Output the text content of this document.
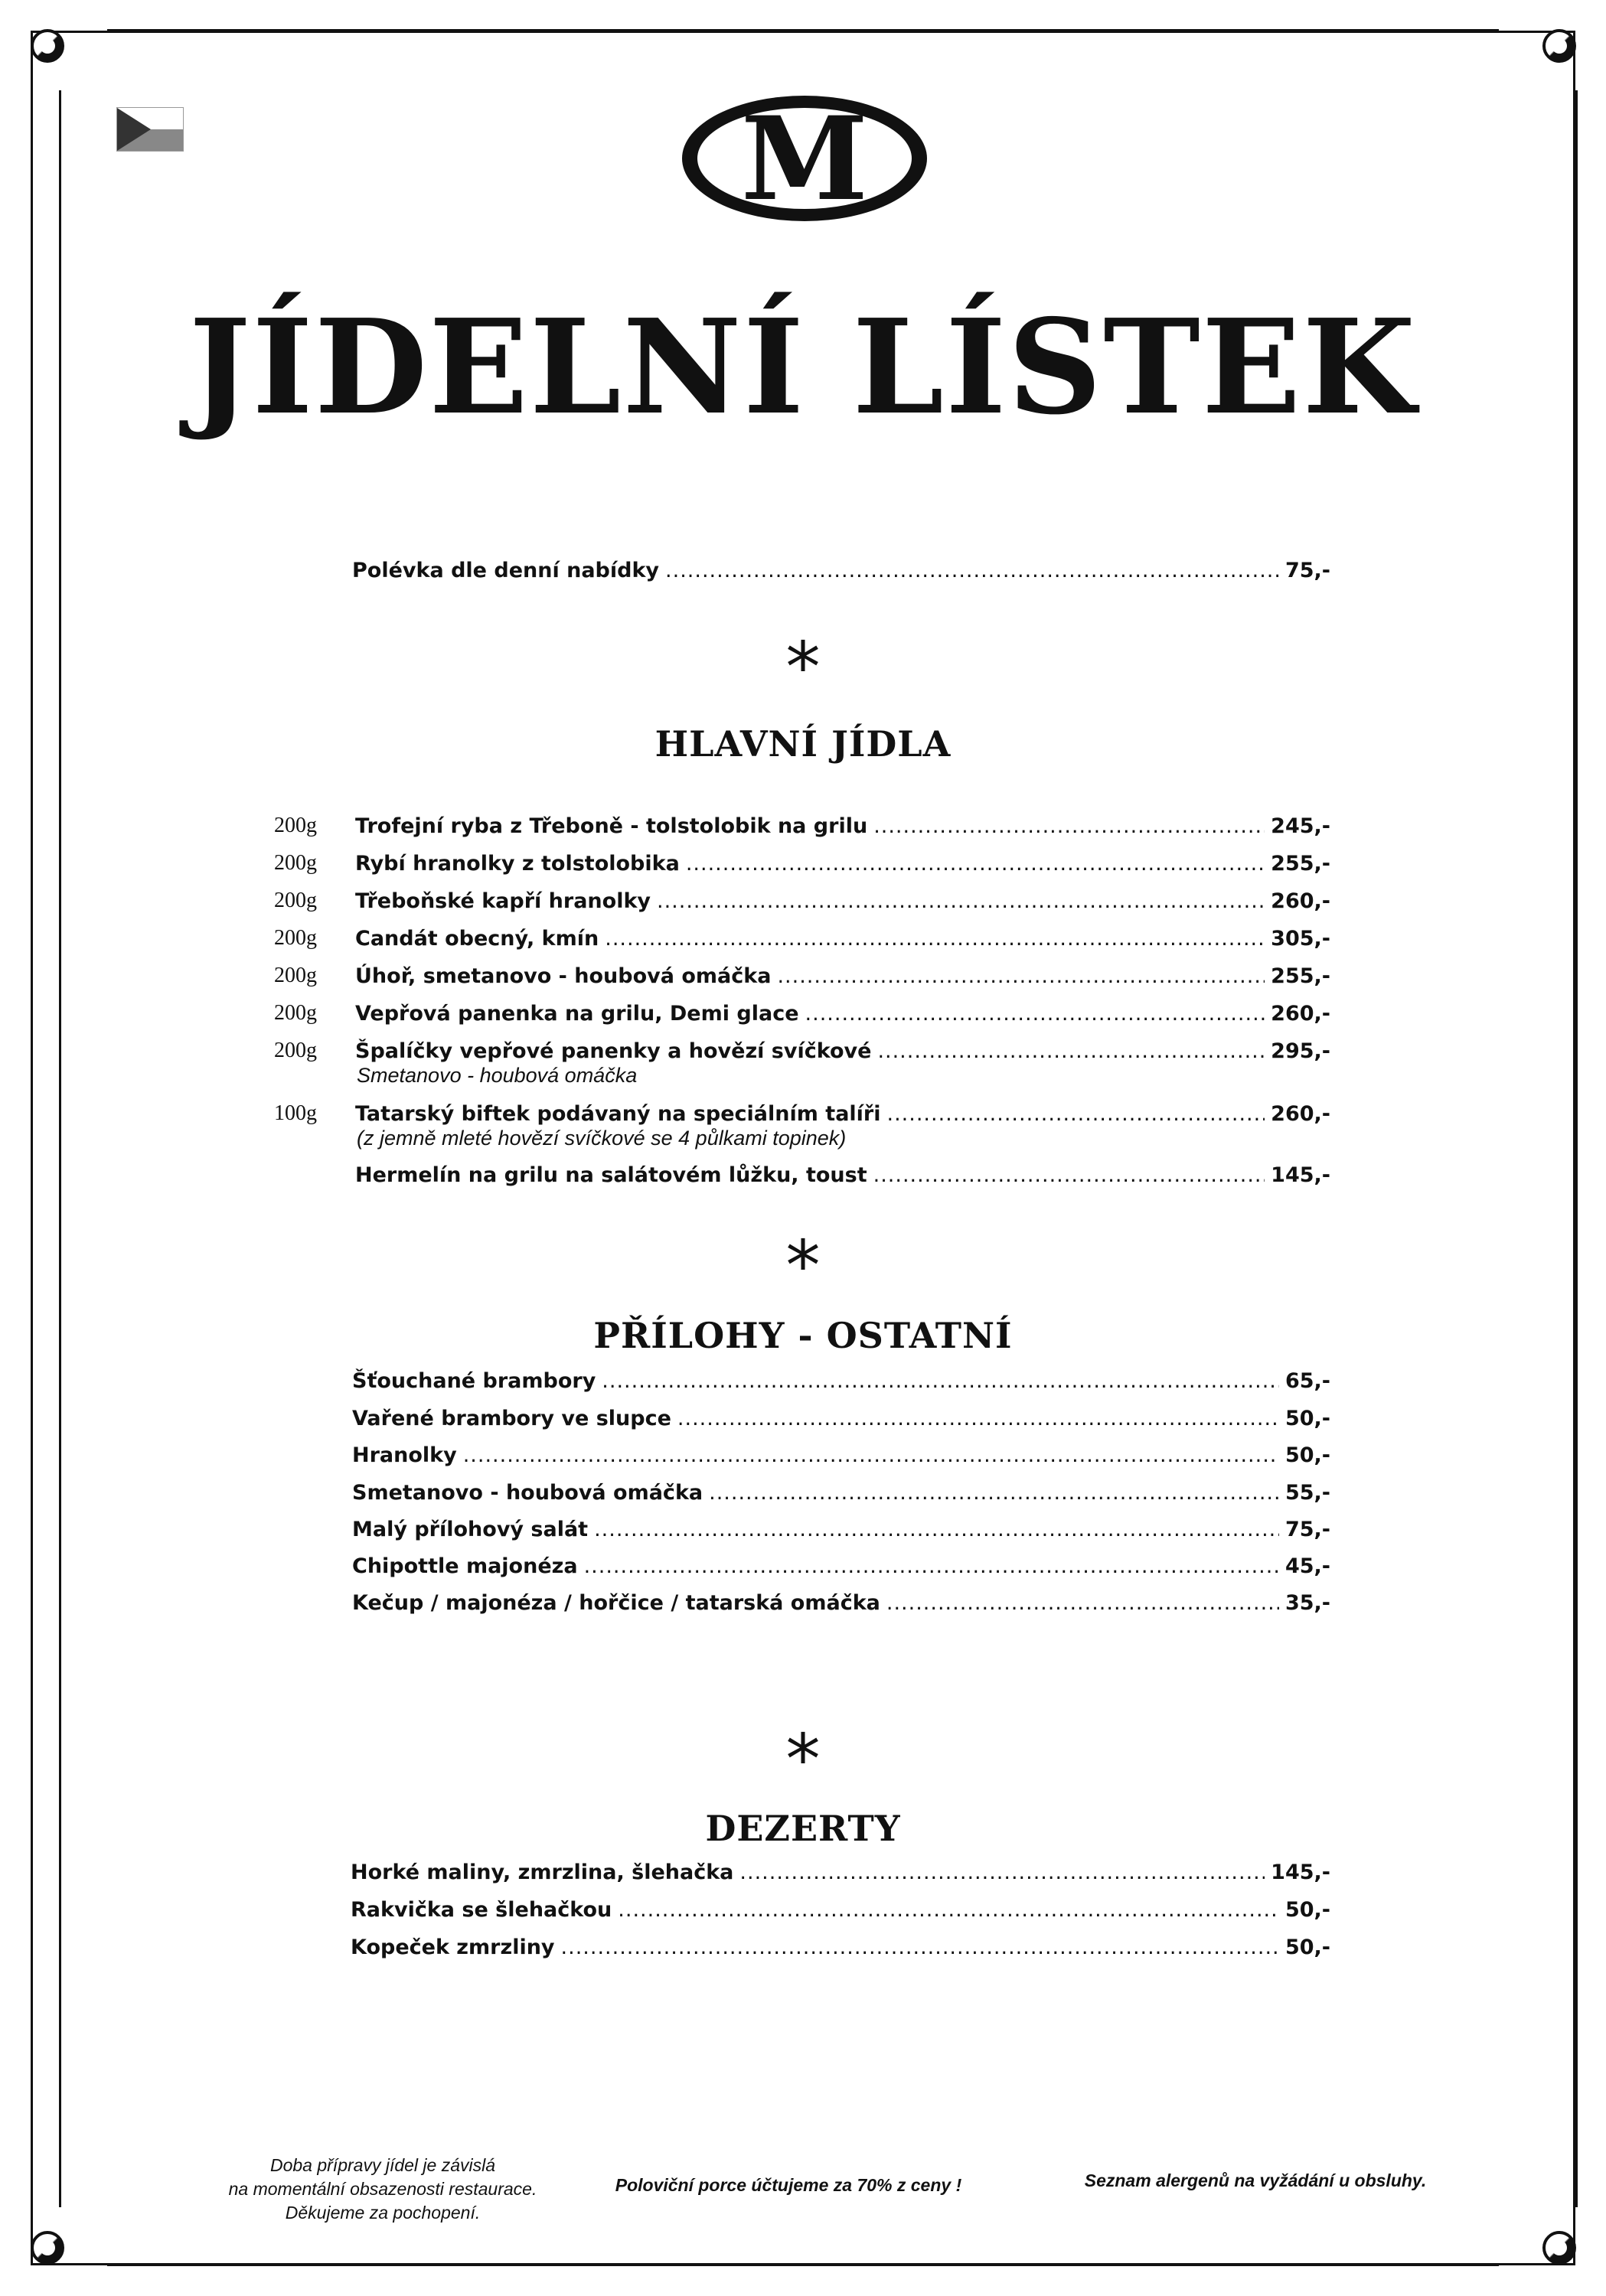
M
JÍDELNÍ LÍSTEK
Polévka dle denní nabídky .....	75,-
*
HLAVNÍ JÍDLA
200g Trofejní ryba z Třeboně - tolstolobik na grilu .....	245,-
200g Rybí hranolky z tolstolobika .....	255,-
200g Třeboňské kapří hranolky .....	260,-
200g Candát obecný, kmín .....	305,-
200g Úhoř, smetanovo - houbová omáčka .....	255,-
200g Vepřová panenka na grilu, Demi glace .....	260,-
200g Špalíčky vepřové panenky a hovězí svíčkové .....	295,-
Smetanovo - houbová omáčka
100g Tatarský biftek podávaný na speciálním talíři .....	260,-
(z jemně mleté hovězí svíčkové se 4 půlkami topinek)
Hermelín na grilu na salátovém lůžku, toust .....	145,-
*
PŘÍLOHY - OSTATNÍ
Šťouchané brambory .....	65,-
Vařené brambory ve slupce .....	50,-
Hranolky .....	50,-
Smetanovo - houbová omáčka .....	55,-
Malý přílohový salát .....	75,-
Chipottle majonéza .....	45,-
Kečup / majonéza / hořčice / tatarská omáčka .....	35,-
*
DEZERTY
Horké maliny, zmrzlina, šlehačka .....	145,-
Rakvička se šlehačkou .....	50,-
Kopeček zmrzliny .....	50,-
Doba přípravy jídel je závislá
na momentální obsazenosti restaurace.
Děkujeme za pochopení.
Poloviční porce účtujeme za 70% z ceny !	Seznam alergenů na vyžádání u obsluhy.
